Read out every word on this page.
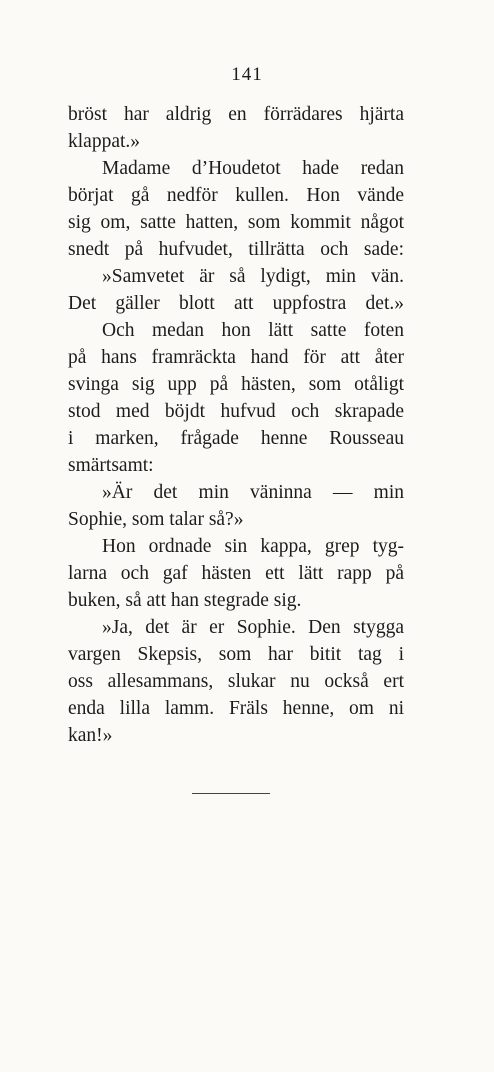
141
bröst har aldrig en förrädares hjärta
klappat.»
Madame d’Houdetot hade redan
börjat gå nedför kullen. Hon vände
sig om, satte hatten, som kommit något
snedt på hufvudet, tillrätta och sade:
»Samvetet är så lydigt, min vän.
Det gäller blott att uppfostra det.»
Och medan hon lätt satte foten
på hans framräckta hand för att åter
svinga sig upp på hästen, som otåligt
stod med böjdt hufvud och skrapade
i marken, frågade henne Rousseau
smärtsamt:
»Är det min väninna — min
Sophie, som talar så?»
Hon ordnade sin kappa, grep tyg-
larna och gaf hästen ett lätt rapp på
buken, så att han stegrade sig.
»Ja, det är er Sophie. Den stygga
vargen Skepsis, som har bitit tag i
oss allesammans, slukar nu också ert
enda lilla lamm. Fräls henne, om ni
kan!»
